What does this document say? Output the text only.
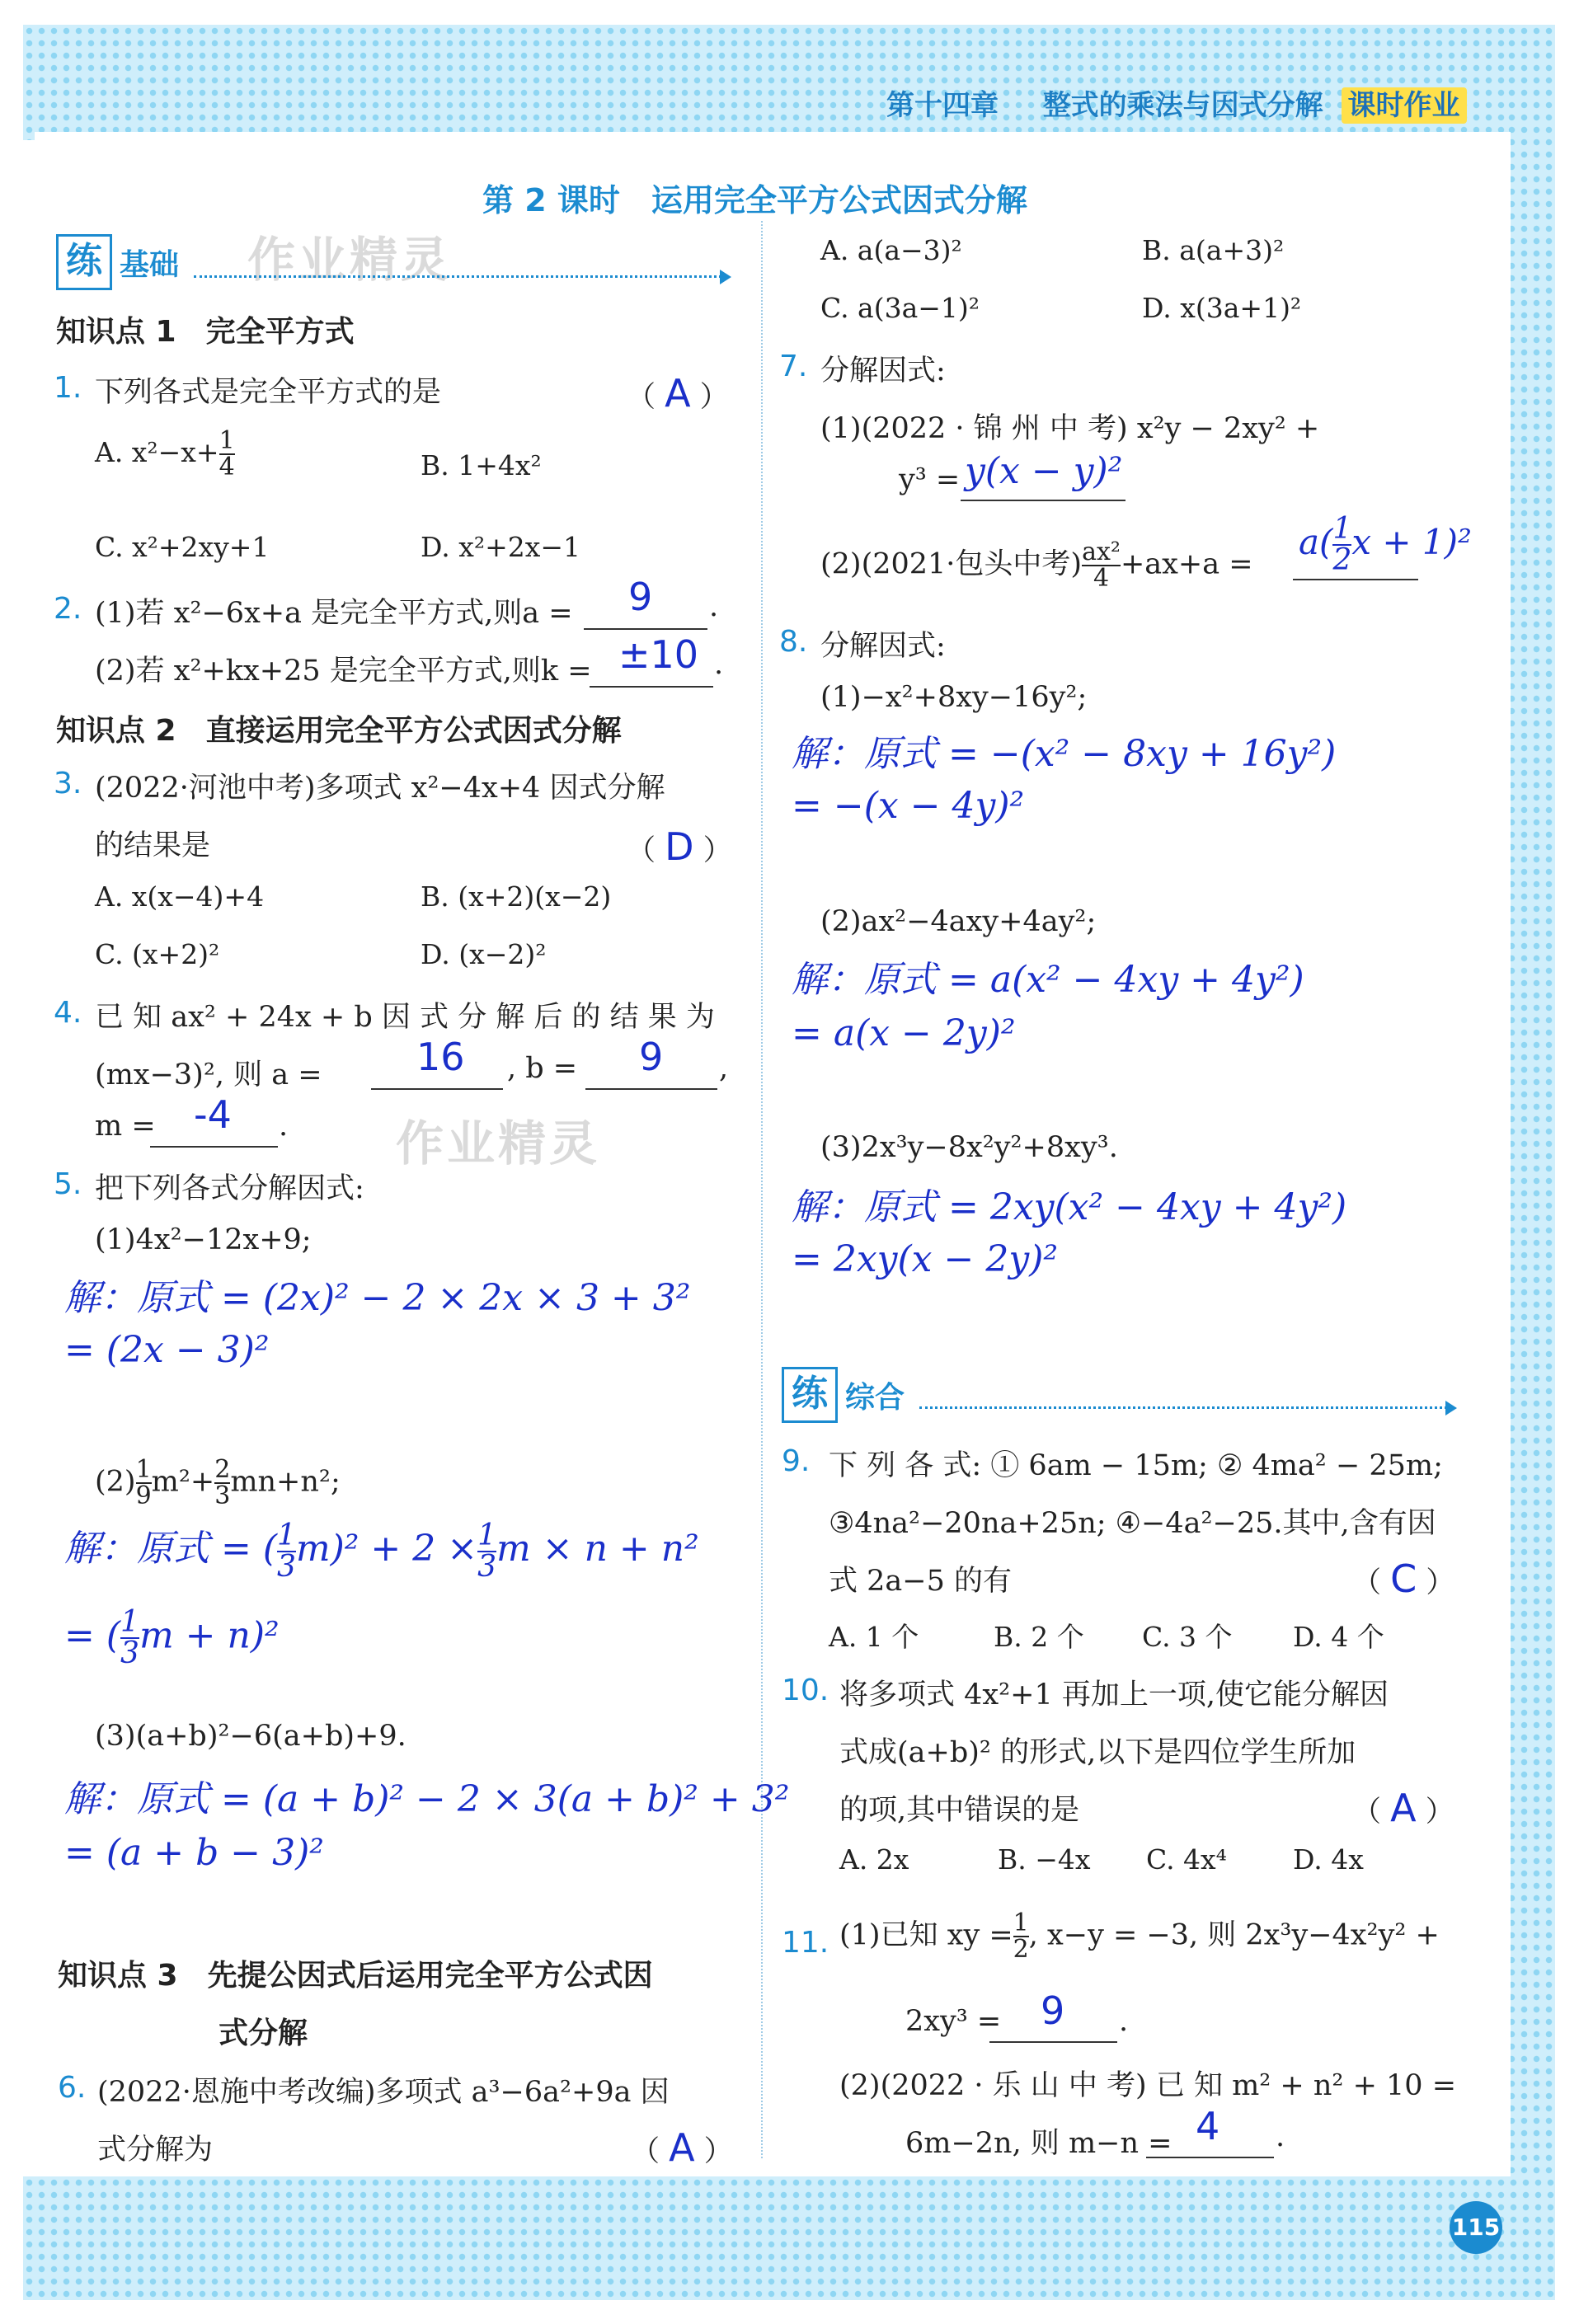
第十四章 整式的乘法与因式分解 课时作业
第 2 课时　运用完全平方公式因式分解
作业精灵
作业精灵
练 基础
知识点 1　完全平方式
1. 下列各式是完全平方式的是	（ A ）
A. $x^2-x+ \frac{1}{4}$	B. 1+4x²
C. x²+2xy+1	D. x²+2x−1
2. (1)若 x²−6x+a 是完全平方式,则a = 9 .
(2)若 x²+kx+25 是完全平方式,则k = ±10 .
知识点 2　直接运用完全平方公式因式分解
3. (2022·河池中考)多项式 x²−4x+4 因式分解
的结果是	（ D ）
A. x(x−4)+4	B. (x+2)(x−2)
C. (x+2)²	D. (x−2)²
4. 已 知 ax² + 24x + b 因 式 分 解 后 的 结 果 为
(mx−3)², 则 a = 16 , b = 9 ,
m = -4 .
5. 把下列各式分解因式:
(1)4x²−12x+9;
解：原式 = (2x)² − 2 × 2x × 3 + 3²
= (2x − 3)²
$(2) \frac{1}{9} m^2+ \frac{2}{3} mn+n^2$;
解：原式 = ( $\frac{1}{3} m)^2 + 2 \times \frac{1}{3}$ m × n + n²
= ( $\frac{1}{3}$ m + n)²
(3)(a+b)²−6(a+b)+9.
解：原式 = (a + b)² − 2 × 3(a + b)² + 3²
= (a + b − 3)²
知识点 3　先提公因式后运用完全平方公式因
式分解
6. (2022·恩施中考改编)多项式 a³−6a²+9a 因
式分解为	（ A ）
A. a(a−3)²	B. a(a+3)²
C. a(3a−1)²	D. x(3a+1)²
7. 分解因式:
(1)(2022 · 锦 州 中 考) x²y − 2xy² +
y³ = y(x − y)²
(2)(2021·包头中考) $\frac{\text{ax²}}{4} +ax+a$ =
$a( \frac{1}{2}$ x + 1)²
8. 分解因式:
(1)−x²+8xy−16y²;
解：原式 = −(x² − 8xy + 16y²)
= −(x − 4y)²
(2)ax²−4axy+4ay²;
解：原式 = a(x² − 4xy + 4y²)
= a(x − 2y)²
(3)2x³y−8x²y²+8xy³.
解：原式 = 2xy(x² − 4xy + 4y²)
= 2xy(x − 2y)²
练 综合
9. 下 列 各 式: ① 6am − 15m; ② 4ma² − 25m;
③4na²−20na+25n; ④−4a²−25.其中,含有因
式 2a−5 的有	（ C ）
A. 1 个	B. 2 个 C. 3 个 D. 4 个
10. 将多项式 4x²+1 再加上一项,使它能分解因
式成(a+b)² 的形式,以下是四位学生所加
的项,其中错误的是	（ A ）
A. 2x	B. −4x C. 4x⁴ D. 4x
11. (1)已知 xy = $\frac{1}{2}$ , x−y = −3, 则 2x³y−4x²y² +
2xy³ = 9 .
(2)(2022 · 乐 山 中 考) 已 知 m² + n² + 10 =
6m−2n, 则 m−n = 4 .
115
